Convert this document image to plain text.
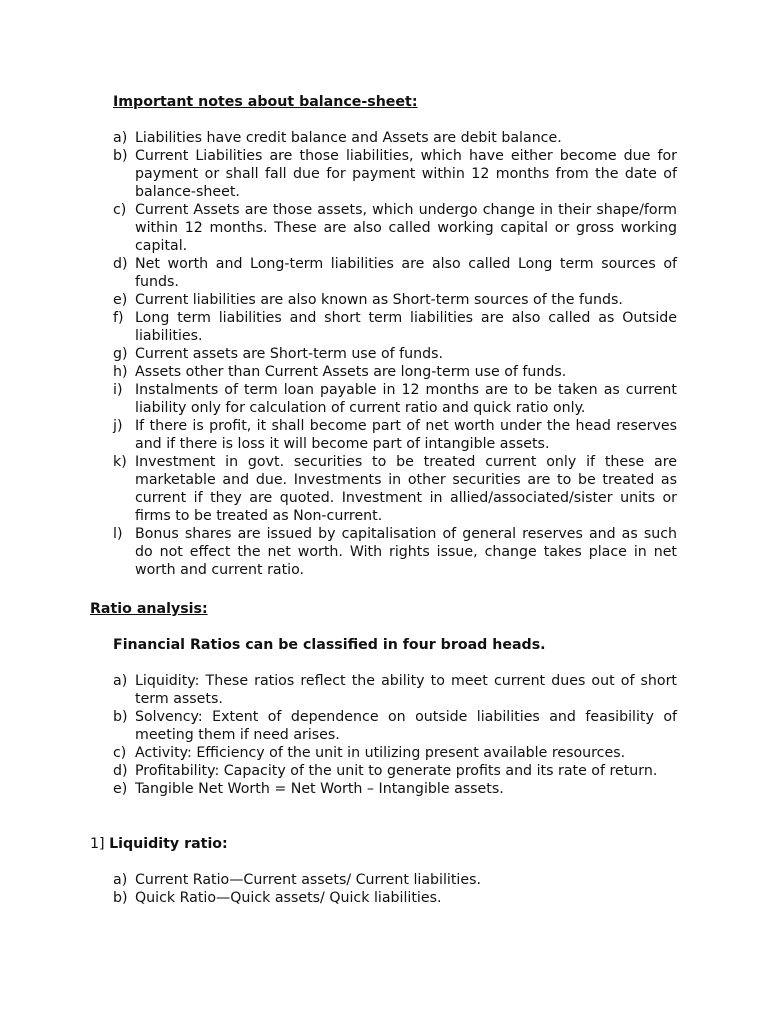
Important notes about balance-sheet:

a) Liabilities have credit balance and Assets are debit balance.
b) Current Liabilities are those liabilities, which have either become due for payment or shall fall due for payment within 12 months from the date of balance-sheet.
c) Current Assets are those assets, which undergo change in their shape/form within 12 months. These are also called working capital or gross working capital.
d) Net worth and Long-term liabilities are also called Long term sources of funds.
e) Current liabilities are also known as Short-term sources of the funds.
f) Long term liabilities and short term liabilities are also called as Outside liabilities.
g) Current assets are Short-term use of funds.
h) Assets other than Current Assets are long-term use of funds.
i) Instalments of term loan payable in 12 months are to be taken as current liability only for calculation of current ratio and quick ratio only.
j) If there is profit, it shall become part of net worth under the head reserves and if there is loss it will become part of intangible assets.
k) Investment in govt. securities to be treated current only if these are marketable and due. Investments in other securities are to be treated as current if they are quoted. Investment in allied/associated/sister units or firms to be treated as Non-current.
l) Bonus shares are issued by capitalisation of general reserves and as such do not effect the net worth. With rights issue, change takes place in net worth and current ratio.

Ratio analysis:

Financial Ratios can be classified in four broad heads.

a) Liquidity: These ratios reflect the ability to meet current dues out of short term assets.
b) Solvency: Extent of dependence on outside liabilities and feasibility of meeting them if need arises.
c) Activity: Efficiency of the unit in utilizing present available resources.
d) Profitability: Capacity of the unit to generate profits and its rate of return.
e) Tangible Net Worth = Net Worth – Intangible assets.

1] Liquidity ratio:

a) Current Ratio—Current assets/ Current liabilities.
b) Quick Ratio—Quick assets/ Quick liabilities.
